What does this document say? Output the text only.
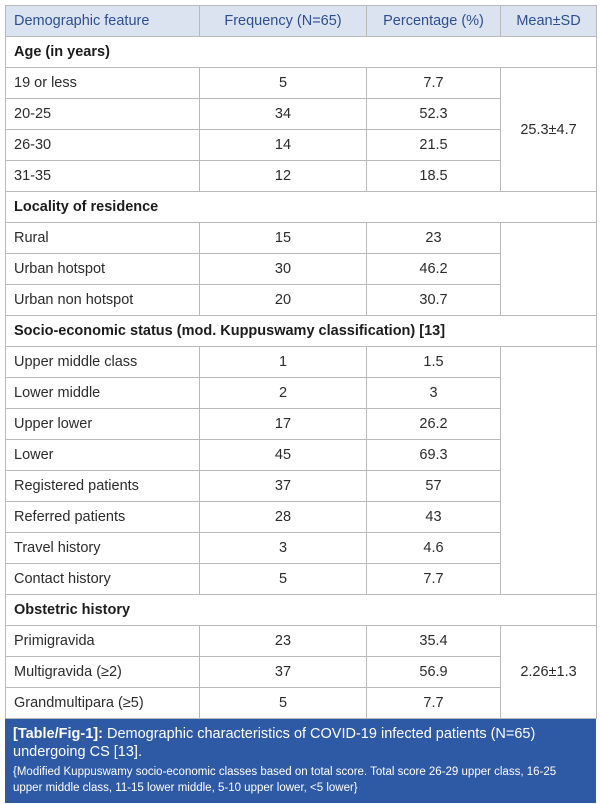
Demographic feature	Frequency (N=65)	Percentage (%)	Mean±SD
Age (in years)			
19 or less	5	7.7	25.3±4.7
20-25	34	52.3	
26-30	14	21.5	
31-35	12	18.5	
Locality of residence			
Rural	15	23	
Urban hotspot	30	46.2	
Urban non hotspot	20	30.7	
Socio-economic status (mod. Kuppuswamy classification) [13]			
Upper middle class	1	1.5	
Lower middle	2	3	
Upper lower	17	26.2	
Lower	45	69.3	
Registered patients	37	57	
Referred patients	28	43	
Travel history	3	4.6	
Contact history	5	7.7	
Obstetric history			
Primigravida	23	35.4	2.26±1.3
Multigravida (≥2)	37	56.9	
Grandmultipara (≥5)	5	7.7	
[Table/Fig-1]: Demographic characteristics of COVID-19 infected patients (N=65) undergoing CS [13].
{Modified Kuppuswamy socio-economic classes based on total score. Total score 26-29 upper class, 16-25 upper middle class, 11-15 lower middle, 5-10 upper lower, <5 lower}
